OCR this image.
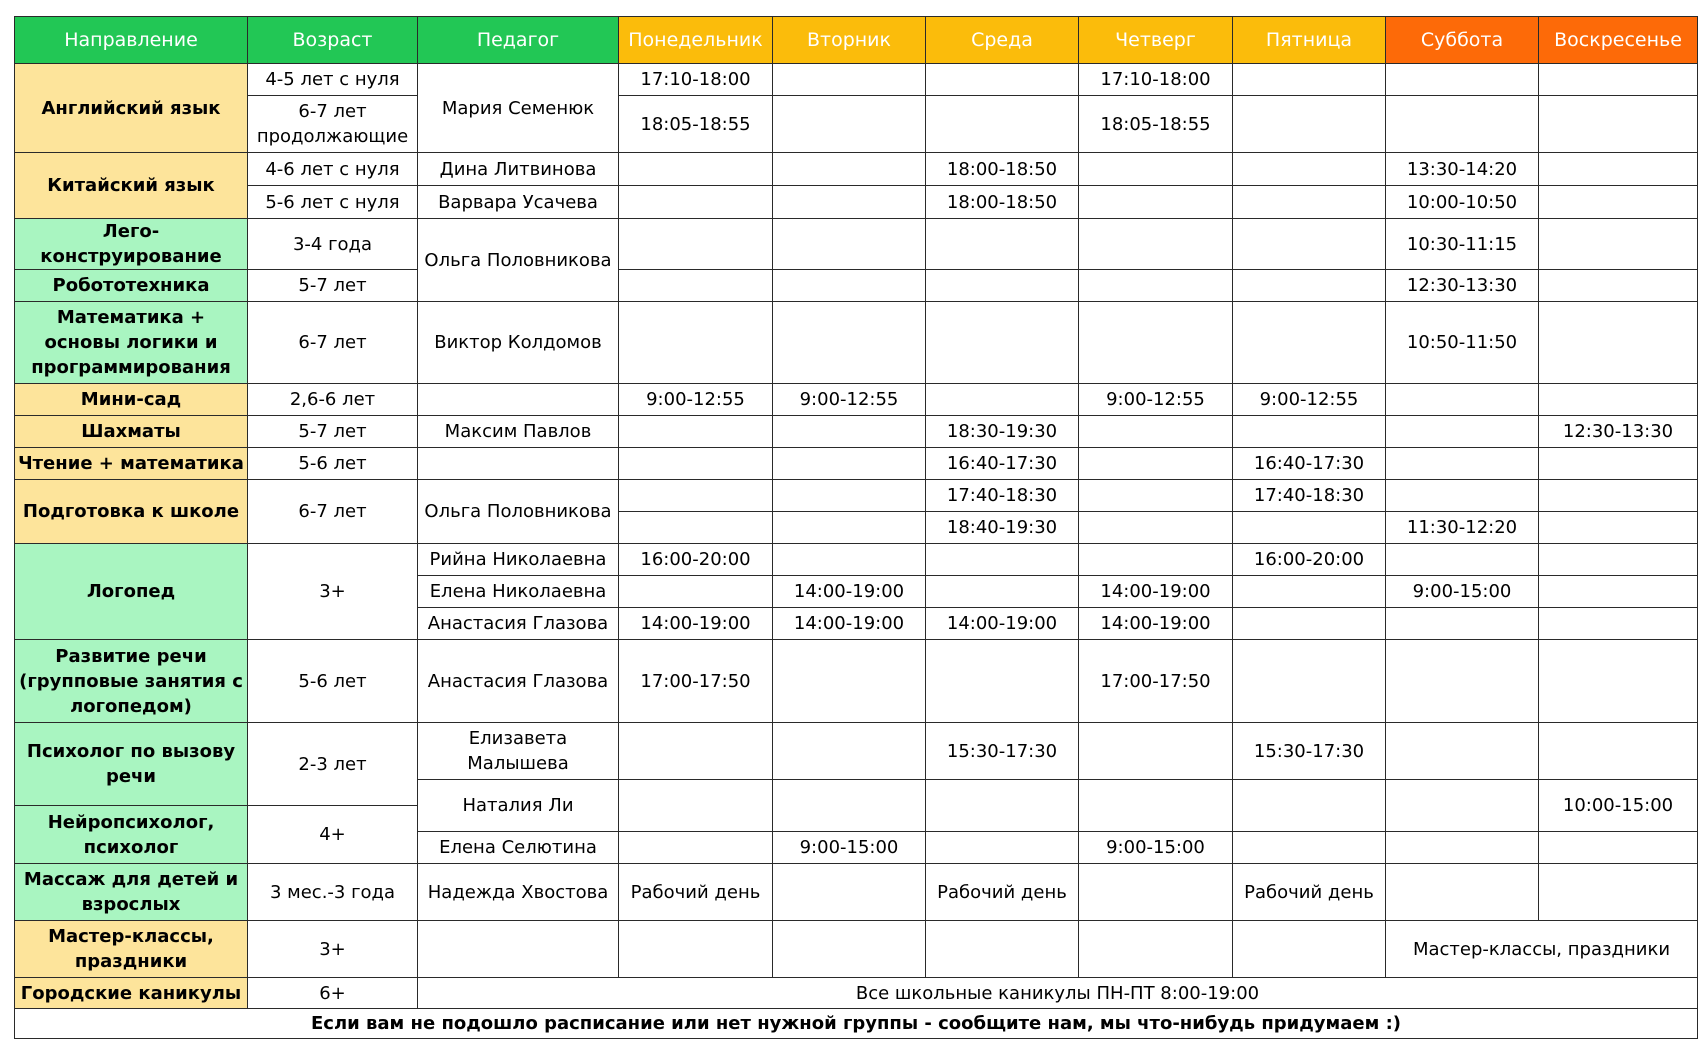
Направление	Возраст	Педагог	Понедельник	Вторник	Среда	Четверг	Пятница	Суббота	Воскресенье
Английский язык	4-5 лет с нуля	Мария Семенюк	17:10-18:00			17:10-18:00			
	6-7 лет продолжающие		18:05-18:55			18:05-18:55			
Китайский язык	4-6 лет с нуля	Дина Литвинова			18:00-18:50			13:30-14:20	
	5-6 лет с нуля	Варвара Усачева			18:00-18:50			10:00-10:50	
Лего-конструирование	3-4 года	Ольга Половникова						10:30-11:15	
Робототехника	5-7 лет							12:30-13:30	
Математика + основы логики и программирования	6-7 лет	Виктор Колдомов						10:50-11:50	
Мини-сад	2,6-6 лет		9:00-12:55	9:00-12:55		9:00-12:55	9:00-12:55		
Шахматы	5-7 лет	Максим Павлов			18:30-19:30				12:30-13:30
Чтение + математика	5-6 лет				16:40-17:30		16:40-17:30		
Подготовка к школе	6-7 лет	Ольга Половникова			17:40-18:30		17:40-18:30		
					18:40-19:30			11:30-12:20	
Логопед	3+	Рийна Николаевна	16:00-20:00				16:00-20:00		
		Елена Николаевна		14:00-19:00		14:00-19:00		9:00-15:00	
		Анастасия Глазова	14:00-19:00	14:00-19:00	14:00-19:00	14:00-19:00			
Развитие речи (групповые занятия с логопедом)	5-6 лет	Анастасия Глазова	17:00-17:50			17:00-17:50			
Психолог по вызову речи	2-3 лет	Елизавета Малышева			15:30-17:30		15:30-17:30		
		Наталия Ли							10:00-15:00
Нейропсихолог, психолог	4+								
		Елена Селютина		9:00-15:00		9:00-15:00			
Массаж для детей и взрослых	3 мес.-3 года	Надежда Хвостова	Рабочий день		Рабочий день		Рабочий день		
Мастер-классы, праздники	3+							Мастер-классы, праздники	
Городские каникулы	6+	Все школьные каникулы ПН-ПТ 8:00-19:00							
Если вам не подошло расписание или нет нужной группы - сообщите нам, мы что-нибудь придумаем :)									
